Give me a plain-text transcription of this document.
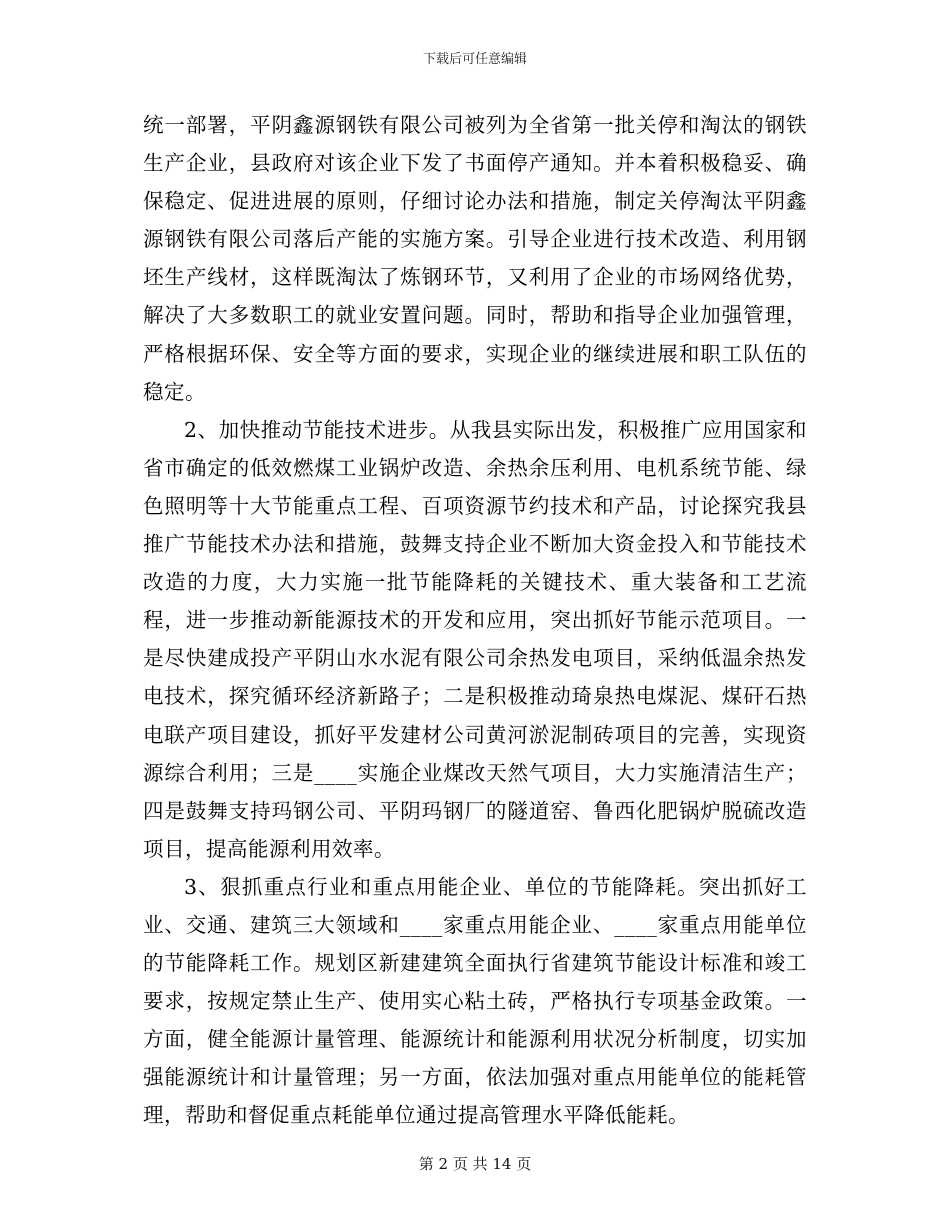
下载后可任意编辑

统一部署，平阴鑫源钢铁有限公司被列为全省第一批关停和淘汰的钢铁生产企业，县政府对该企业下发了书面停产通知。并本着积极稳妥、确保稳定、促进进展的原则，仔细讨论办法和措施，制定关停淘汰平阴鑫源钢铁有限公司落后产能的实施方案。引导企业进行技术改造、利用钢坯生产线材，这样既淘汰了炼钢环节，又利用了企业的市场网络优势，解决了大多数职工的就业安置问题。同时，帮助和指导企业加强管理，严格根据环保、安全等方面的要求，实现企业的继续进展和职工队伍的稳定。

2、加快推动节能技术进步。从我县实际出发，积极推广应用国家和省市确定的低效燃煤工业锅炉改造、余热余压利用、电机系统节能、绿色照明等十大节能重点工程、百项资源节约技术和产品，讨论探究我县推广节能技术办法和措施，鼓舞支持企业不断加大资金投入和节能技术改造的力度，大力实施一批节能降耗的关键技术、重大装备和工艺流程，进一步推动新能源技术的开发和应用，突出抓好节能示范项目。一是尽快建成投产平阴山水水泥有限公司余热发电项目，采纳低温余热发电技术，探究循环经济新路子；二是积极推动琦泉热电煤泥、煤矸石热电联产项目建设，抓好平发建材公司黄河淤泥制砖项目的完善，实现资源综合利用；三是____实施企业煤改天然气项目，大力实施清洁生产；四是鼓舞支持玛钢公司、平阴玛钢厂的隧道窑、鲁西化肥锅炉脱硫改造项目，提高能源利用效率。

3、狠抓重点行业和重点用能企业、单位的节能降耗。突出抓好工业、交通、建筑三大领域和____家重点用能企业、____家重点用能单位的节能降耗工作。规划区新建建筑全面执行省建筑节能设计标准和竣工要求，按规定禁止生产、使用实心粘土砖，严格执行专项基金政策。一方面，健全能源计量管理、能源统计和能源利用状况分析制度，切实加强能源统计和计量管理；另一方面，依法加强对重点用能单位的能耗管理，帮助和督促重点耗能单位通过提高管理水平降低能耗。

第 2 页 共 14 页
